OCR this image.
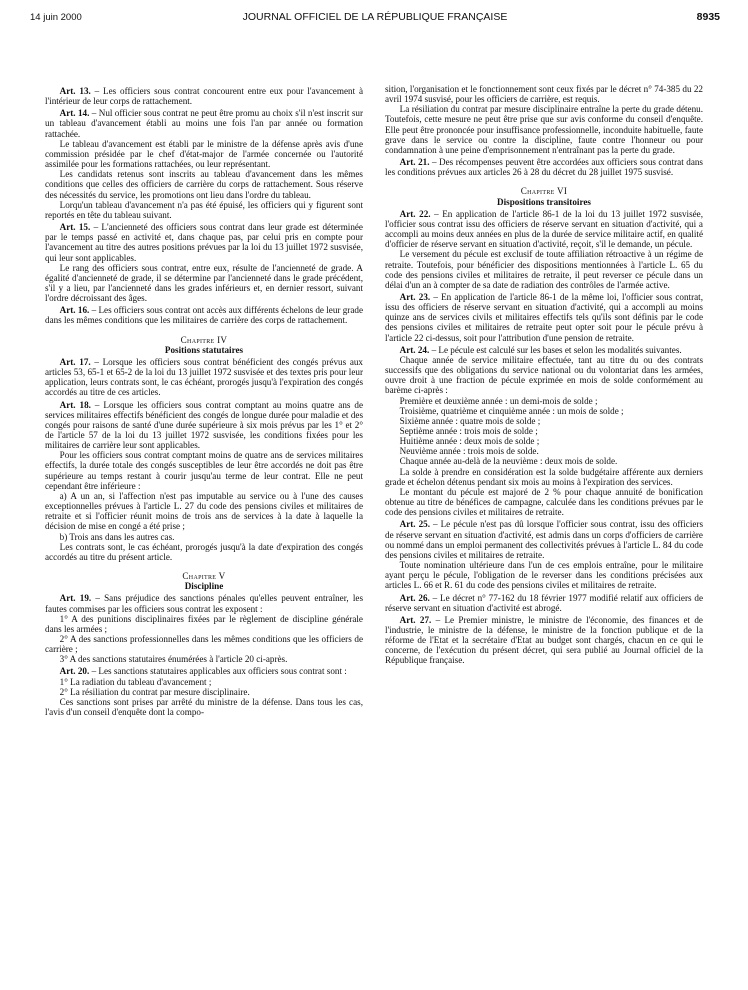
14 juin 2000	JOURNAL OFFICIEL DE LA RÉPUBLIQUE FRANÇAISE	8935

Art. 13. – Les officiers sous contrat concourent entre eux pour l'avancement à l'intérieur de leur corps de rattachement.

Art. 14. – Nul officier sous contrat ne peut être promu au choix s'il n'est inscrit sur un tableau d'avancement établi au moins une fois l'an par année ou formation rattachée.

Le tableau d'avancement est établi par le ministre de la défense après avis d'une commission présidée par le chef d'état-major de l'armée concernée ou l'autorité assimilée pour les formations rattachées, ou leur représentant.

Les candidats retenus sont inscrits au tableau d'avancement dans les mêmes conditions que celles des officiers de carrière du corps de rattachement. Sous réserve des nécessités du service, les promotions ont lieu dans l'ordre du tableau.

Lorqu'un tableau d'avancement n'a pas été épuisé, les officiers qui y figurent sont reportés en tête du tableau suivant.

Art. 15. – L'ancienneté des officiers sous contrat dans leur grade est déterminée par le temps passé en activité et, dans chaque pas, par celui pris en compte pour l'avancement au titre des autres positions prévues par la loi du 13 juillet 1972 susvisée, qui leur sont applicables.

Le rang des officiers sous contrat, entre eux, résulte de l'ancienneté de grade. A égalité d'ancienneté de grade, il se détermine par l'ancienneté dans le grade précédent, s'il y a lieu, par l'ancienneté dans les grades inférieurs et, en dernier ressort, suivant l'ordre décroissant des âges.

Art. 16. – Les officiers sous contrat ont accès aux différents échelons de leur grade dans les mêmes conditions que les militaires de carrière des corps de rattachement.

Chapitre IV

Positions statutaires

Art. 17. – Lorsque les officiers sous contrat bénéficient des congés prévus aux articles 53, 65-1 et 65-2 de la loi du 13 juillet 1972 susvisée et des textes pris pour leur application, leurs contrats sont, le cas échéant, prorogés jusqu'à l'expiration des congés accordés au titre de ces articles.

Art. 18. – Lorsque les officiers sous contrat comptant au moins quatre ans de services militaires effectifs bénéficient des congés de longue durée pour maladie et des congés pour raisons de santé d'une durée supérieure à six mois prévus par les 1° et 2° de l'article 57 de la loi du 13 juillet 1972 susvisée, les conditions fixées pour les militaires de carrière leur sont applicables.

Pour les officiers sous contrat comptant moins de quatre ans de services militaires effectifs, la durée totale des congés susceptibles de leur être accordés ne doit pas être supérieure au temps restant à courir jusqu'au terme de leur contrat. Elle ne peut cependant être inférieure :

a) A un an, si l'affection n'est pas imputable au service ou à l'une des causes exceptionnelles prévues à l'article L. 27 du code des pensions civiles et militaires de retraite et si l'officier réunit moins de trois ans de services à la date à laquelle la décision de mise en congé a été prise ;

b) Trois ans dans les autres cas.

Les contrats sont, le cas échéant, prorogés jusqu'à la date d'expiration des congés accordés au titre du présent article.

Chapitre V

Discipline

Art. 19. – Sans préjudice des sanctions pénales qu'elles peuvent entraîner, les fautes commises par les officiers sous contrat les exposent :

1° A des punitions disciplinaires fixées par le règlement de discipline générale dans les armées ;

2° A des sanctions professionnelles dans les mêmes conditions que les officiers de carrière ;

3° A des sanctions statutaires énumérées à l'article 20 ci-après.

Art. 20. – Les sanctions statutaires applicables aux officiers sous contrat sont :

1° La radiation du tableau d'avancement ;

2° La résiliation du contrat par mesure disciplinaire.

Ces sanctions sont prises par arrêté du ministre de la défense. Dans tous les cas, l'avis d'un conseil d'enquête dont la compo-

sition, l'organisation et le fonctionnement sont ceux fixés par le décret n° 74-385 du 22 avril 1974 susvisé, pour les officiers de carrière, est requis.

La résiliation du contrat par mesure disciplinaire entraîne la perte du grade détenu. Toutefois, cette mesure ne peut être prise que sur avis conforme du conseil d'enquête. Elle peut être prononcée pour insuffisance professionnelle, inconduite habituelle, faute grave dans le service ou contre la discipline, faute contre l'honneur ou pour condamnation à une peine d'emprisonnement n'entraînant pas la perte du grade.

Art. 21. – Des récompenses peuvent être accordées aux officiers sous contrat dans les conditions prévues aux articles 26 à 28 du décret du 28 juillet 1975 susvisé.

Chapitre VI

Dispositions transitoires

Art. 22. – En application de l'article 86-1 de la loi du 13 juillet 1972 susvisée, l'officier sous contrat issu des officiers de réserve servant en situation d'activité, qui a accompli au moins deux années en plus de la durée de service militaire actif, en qualité d'officier de réserve servant en situation d'activité, reçoit, s'il le demande, un pécule.

Le versement du pécule est exclusif de toute affiliation rétroactive à un régime de retraite. Toutefois, pour bénéficier des dispositions mentionnées à l'article L. 65 du code des pensions civiles et militaires de retraite, il peut reverser ce pécule dans un délai d'un an à compter de sa date de radiation des contrôles de l'armée active.

Art. 23. – En application de l'article 86-1 de la même loi, l'officier sous contrat, issu des officiers de réserve servant en situation d'activité, qui a accompli au moins quinze ans de services civils et militaires effectifs tels qu'ils sont définis par le code des pensions civiles et militaires de retraite peut opter soit pour le pécule prévu à l'article 22 ci-dessus, soit pour l'attribution d'une pension de retraite.

Art. 24. – Le pécule est calculé sur les bases et selon les modalités suivantes.

Chaque année de service militaire effectuée, tant au titre du ou des contrats successifs que des obligations du service national ou du volontariat dans les armées, ouvre droit à une fraction de pécule exprimée en mois de solde conformément au barème ci-après :

Première et deuxième année : un demi-mois de solde ;

Troisième, quatrième et cinquième année : un mois de solde ;

Sixième année : quatre mois de solde ;

Septième année : trois mois de solde ;

Huitième année : deux mois de solde ;

Neuvième année : trois mois de solde.

Chaque année au-delà de la neuvième : deux mois de solde.

La solde à prendre en considération est la solde budgétaire afférente aux derniers grade et échelon détenus pendant six mois au moins à l'expiration des services.

Le montant du pécule est majoré de 2 % pour chaque annuité de bonification obtenue au titre de bénéfices de campagne, calculée dans les conditions prévues par le code des pensions civiles et militaires de retraite.

Art. 25. – Le pécule n'est pas dû lorsque l'officier sous contrat, issu des officiers de réserve servant en situation d'activité, est admis dans un corps d'officiers de carrière ou nommé dans un emploi permanent des collectivités prévues à l'article L. 84 du code des pensions civiles et militaires de retraite.

Toute nomination ultérieure dans l'un de ces emplois entraîne, pour le militaire ayant perçu le pécule, l'obligation de le reverser dans les conditions précisées aux articles L. 66 et R. 61 du code des pensions civiles et militaires de retraite.

Art. 26. – Le décret n° 77-162 du 18 février 1977 modifié relatif aux officiers de réserve servant en situation d'activité est abrogé.

Art. 27. – Le Premier ministre, le ministre de l'économie, des finances et de l'industrie, le ministre de la défense, le ministre de la fonction publique et de la réforme de l'Etat et la secrétaire d'Etat au budget sont chargés, chacun en ce qui le concerne, de l'exécution du présent décret, qui sera publié au Journal officiel de la République française.
